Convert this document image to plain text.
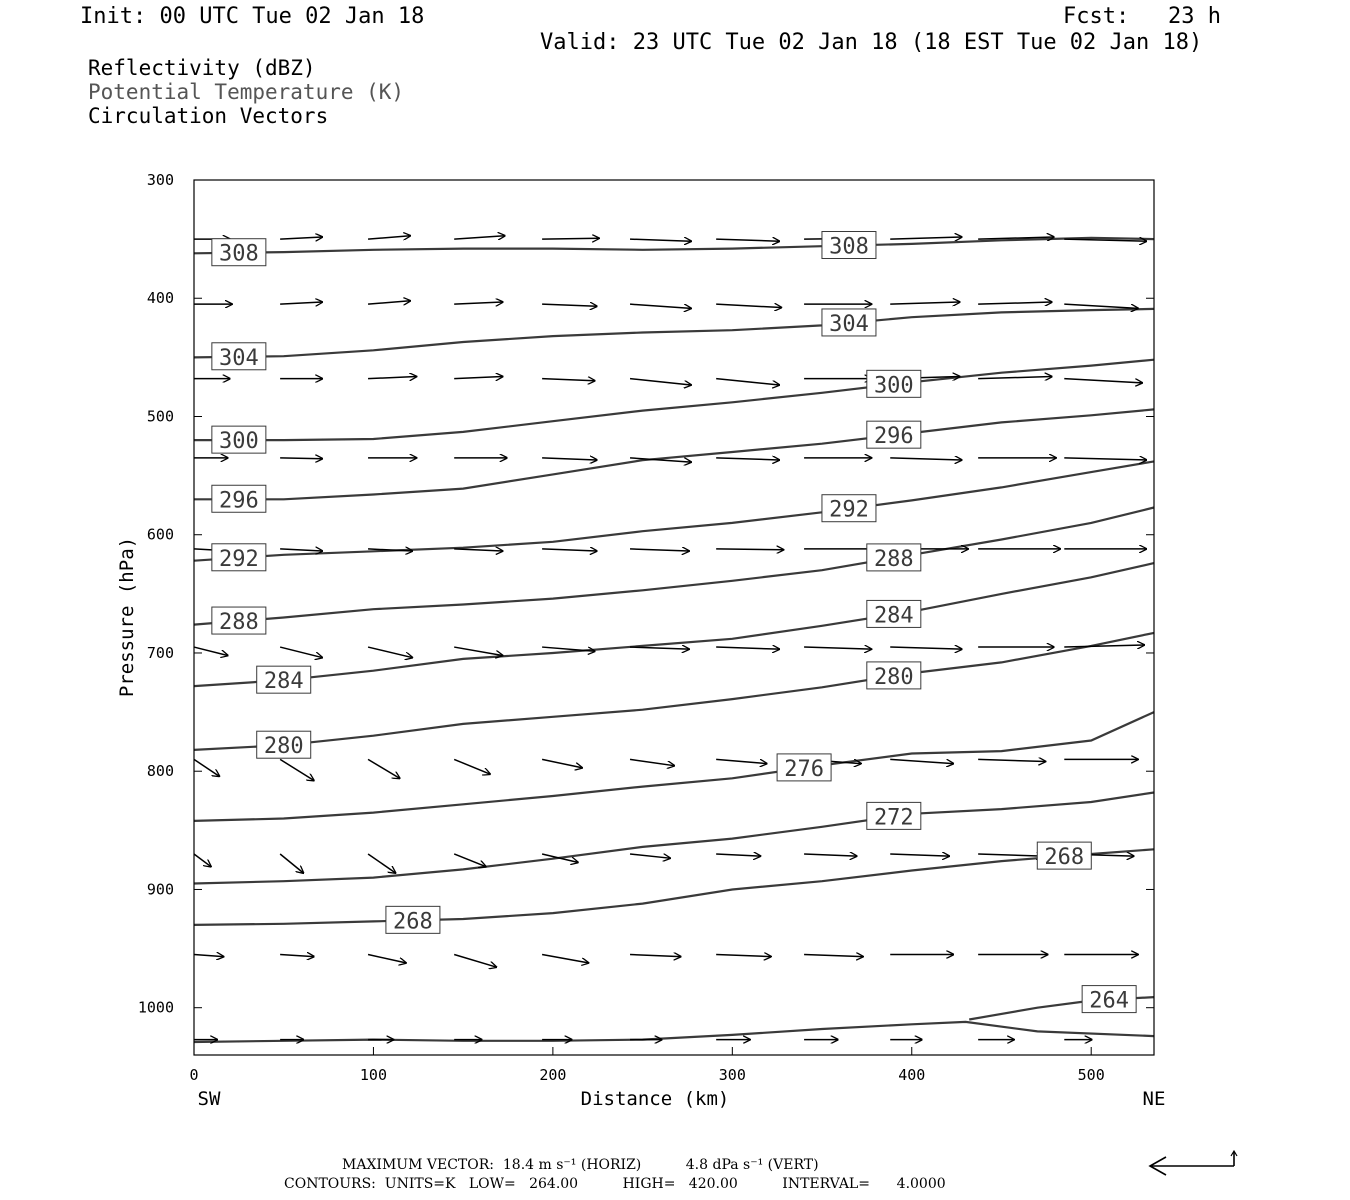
Init: 00 UTC Tue 02 Jan 18	Fcst: 23 h
Valid: 23 UTC Tue 02 Jan 18 (18 EST Tue 02 Jan 18)
Reflectivity (dBZ)
Potential Temperature (K)
Circulation Vectors
MAXIMUM VECTOR:  18.4 m s⁻¹ (HORIZ)          4.8 dPa s⁻¹ (VERT)
CONTOURS:  UNITS=K   LOW=   264.00          HIGH=   420.00          INTERVAL=      4.0000
308	308
304
304
300
300
296
296
292
292
288
288
284
284
280
280
276
272
268
268
264
0	100	200	300	400	500
300
400
500
600
700
800
900
1000
Distance (km)
SW	NE
Pressure (hPa)
